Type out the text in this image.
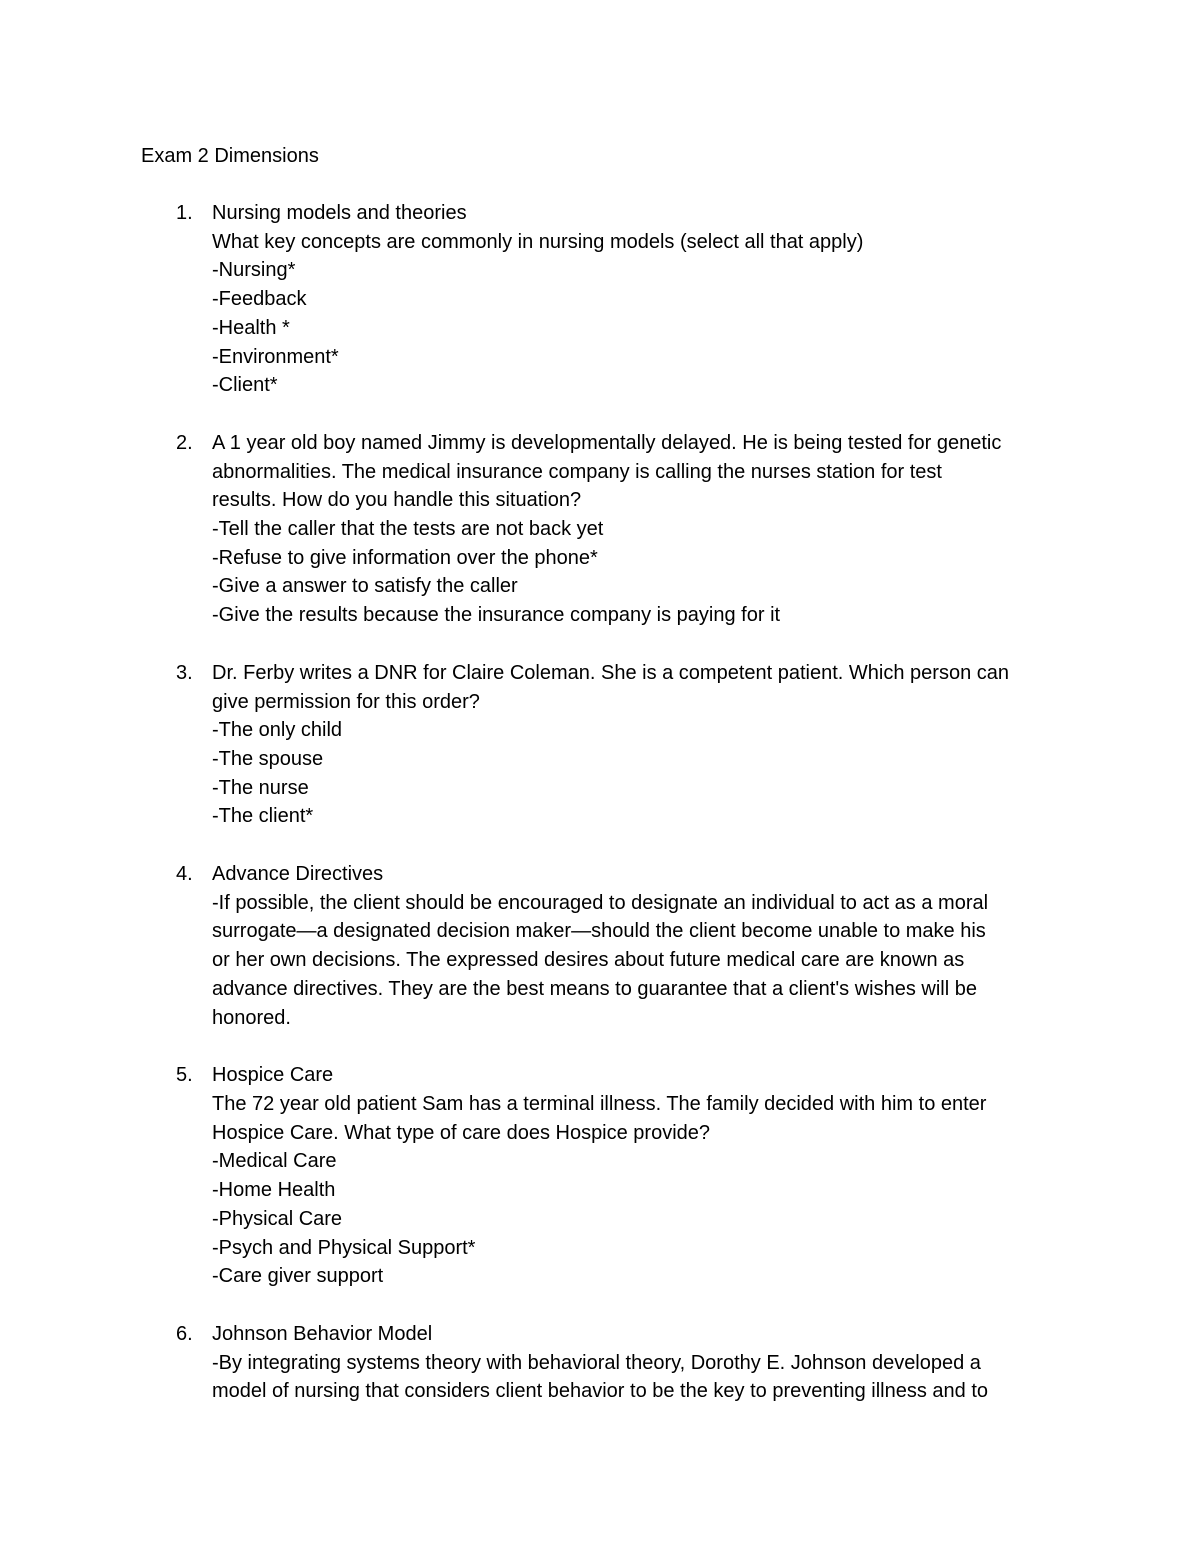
Exam 2 Dimensions
1. Nursing models and theories
What key concepts are commonly in nursing models (select all that apply)
-Nursing*
-Feedback
-Health *
-Environment*
-Client*
2. A 1 year old boy named Jimmy is developmentally delayed. He is being tested for genetic
abnormalities. The medical insurance company is calling the nurses station for test
results. How do you handle this situation?
-Tell the caller that the tests are not back yet
-Refuse to give information over the phone*
-Give a answer to satisfy the caller
-Give the results because the insurance company is paying for it
3. Dr. Ferby writes a DNR for Claire Coleman. She is a competent patient. Which person can
give permission for this order?
-The only child
-The spouse
-The nurse
-The client*
4. Advance Directives
-If possible, the client should be encouraged to designate an individual to act as a moral
surrogate—a designated decision maker—should the client become unable to make his
or her own decisions. The expressed desires about future medical care are known as
advance directives. They are the best means to guarantee that a client's wishes will be
honored.
5. Hospice Care
The 72 year old patient Sam has a terminal illness. The family decided with him to enter
Hospice Care. What type of care does Hospice provide?
-Medical Care
-Home Health
-Physical Care
-Psych and Physical Support*
-Care giver support
6. Johnson Behavior Model
-By integrating systems theory with behavioral theory, Dorothy E. Johnson developed a
model of nursing that considers client behavior to be the key to preventing illness and to
